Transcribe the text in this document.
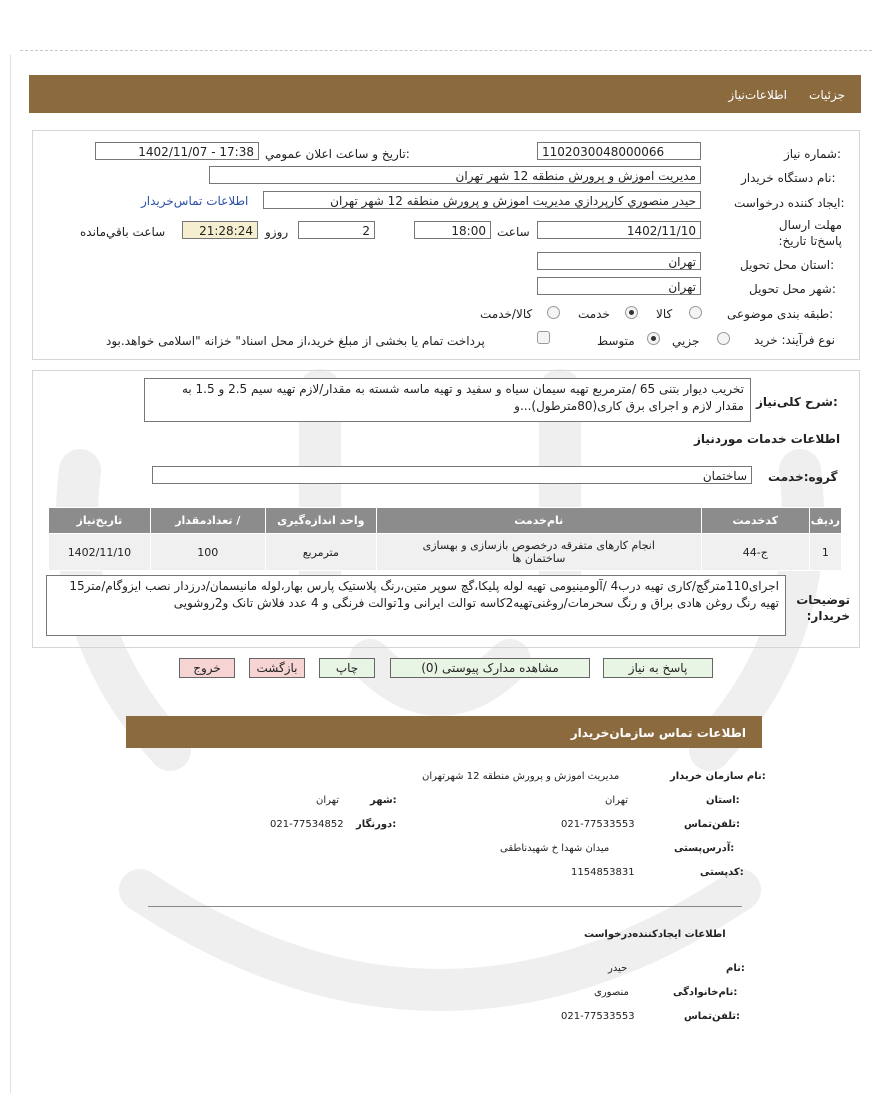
جزئیات
اطلاعات‌نیاز
شماره نیاز:
1102030048000066
تاریخ و ساعت اعلان عمومي:
1402/11/07 - 17:38
نام دستگاه خریدار:
مديريت اموزش و پرورش منطقه 12 شهر تهران
ايجاد کننده درخواست:
حيدر منصوري كارپردازي مديريت اموزش و پرورش منطقه 12 شهر تهران
اطلاعات تماس‌خریدار
مهلت ارسال پاسخ‌تا تاریخ:
1402/11/10
ساعت
18:00
2
روزو
21:28:24
ساعت باقي‌مانده
استان محل تحویل:
تهران
شهر محل تحویل:
تهران
طبقه بندی موضوعی:
کالا
خدمت
کالا/خدمت
نوع فرآیند: خرید
جزیي
متوسط
پرداخت تمام یا بخشی از مبلغ خرید،از محل اسناد" خزانه "اسلامی خواهد.بود
شرح کلی‌نیاز:
تخریب دیوار بتنی 65 /مترمربع تهیه سیمان سیاه و سفید و تهیه ماسه شسته به مقدار/لازم تهیه سیم 2.5 و 1.5 به مقدار لازم و اجرای برق کاری(80مترطول)...و
اطلاعات خدمات موردنیاز
گروه:خدمت
ساختمان
ردیف	کدخدمت	نام‌خدمت	واحد اندازه‌گیری	/ تعدادمقدار	تاریخ‌نیاز
1	ج-44	انجام کارهای متفرقه درخصوص بازسازی و بهسازی ساختمان ها	مترمربع	100	1402/11/10
توضیحات خریدار:
اجرای110مترگچ/کاری تهیه درب4 /آلومینیومی تهیه لوله پلیکا،گچ سوپر متین،رنگ پلاستیک پارس بهار،لوله مانیسمان/درزدار نصب ایزوگام/متر15 تهیه رنگ روغن هادی براق و رنگ سحرمات/روغنی‌تهیه2کاسه توالت ایرانی و1توالت فرنگی و 4 عدد فلاش تانک و2روشویی
پاسخ به نیاز
مشاهده مدارک پیوستی (0)
چاپ
بازگشت
خروج
اطلاعات تماس سازمان‌خریدار
نام سازمان خریدار:
مديريت اموزش و پرورش منطقه 12 شهرتهران
استان:
تهران
شهر:
تهران
تلفن‌تماس:
021-77533553
دورنگار:
021-77534852
آدرس‌پستی:
میدان شهدا خ شهیدناطقی
کدپستی:
1154853831
اطلاعات ایجادکننده‌درخواست
نام:
حیدر
نام‌خانوادگی:
منصوری
تلفن‌تماس:
021-77533553
